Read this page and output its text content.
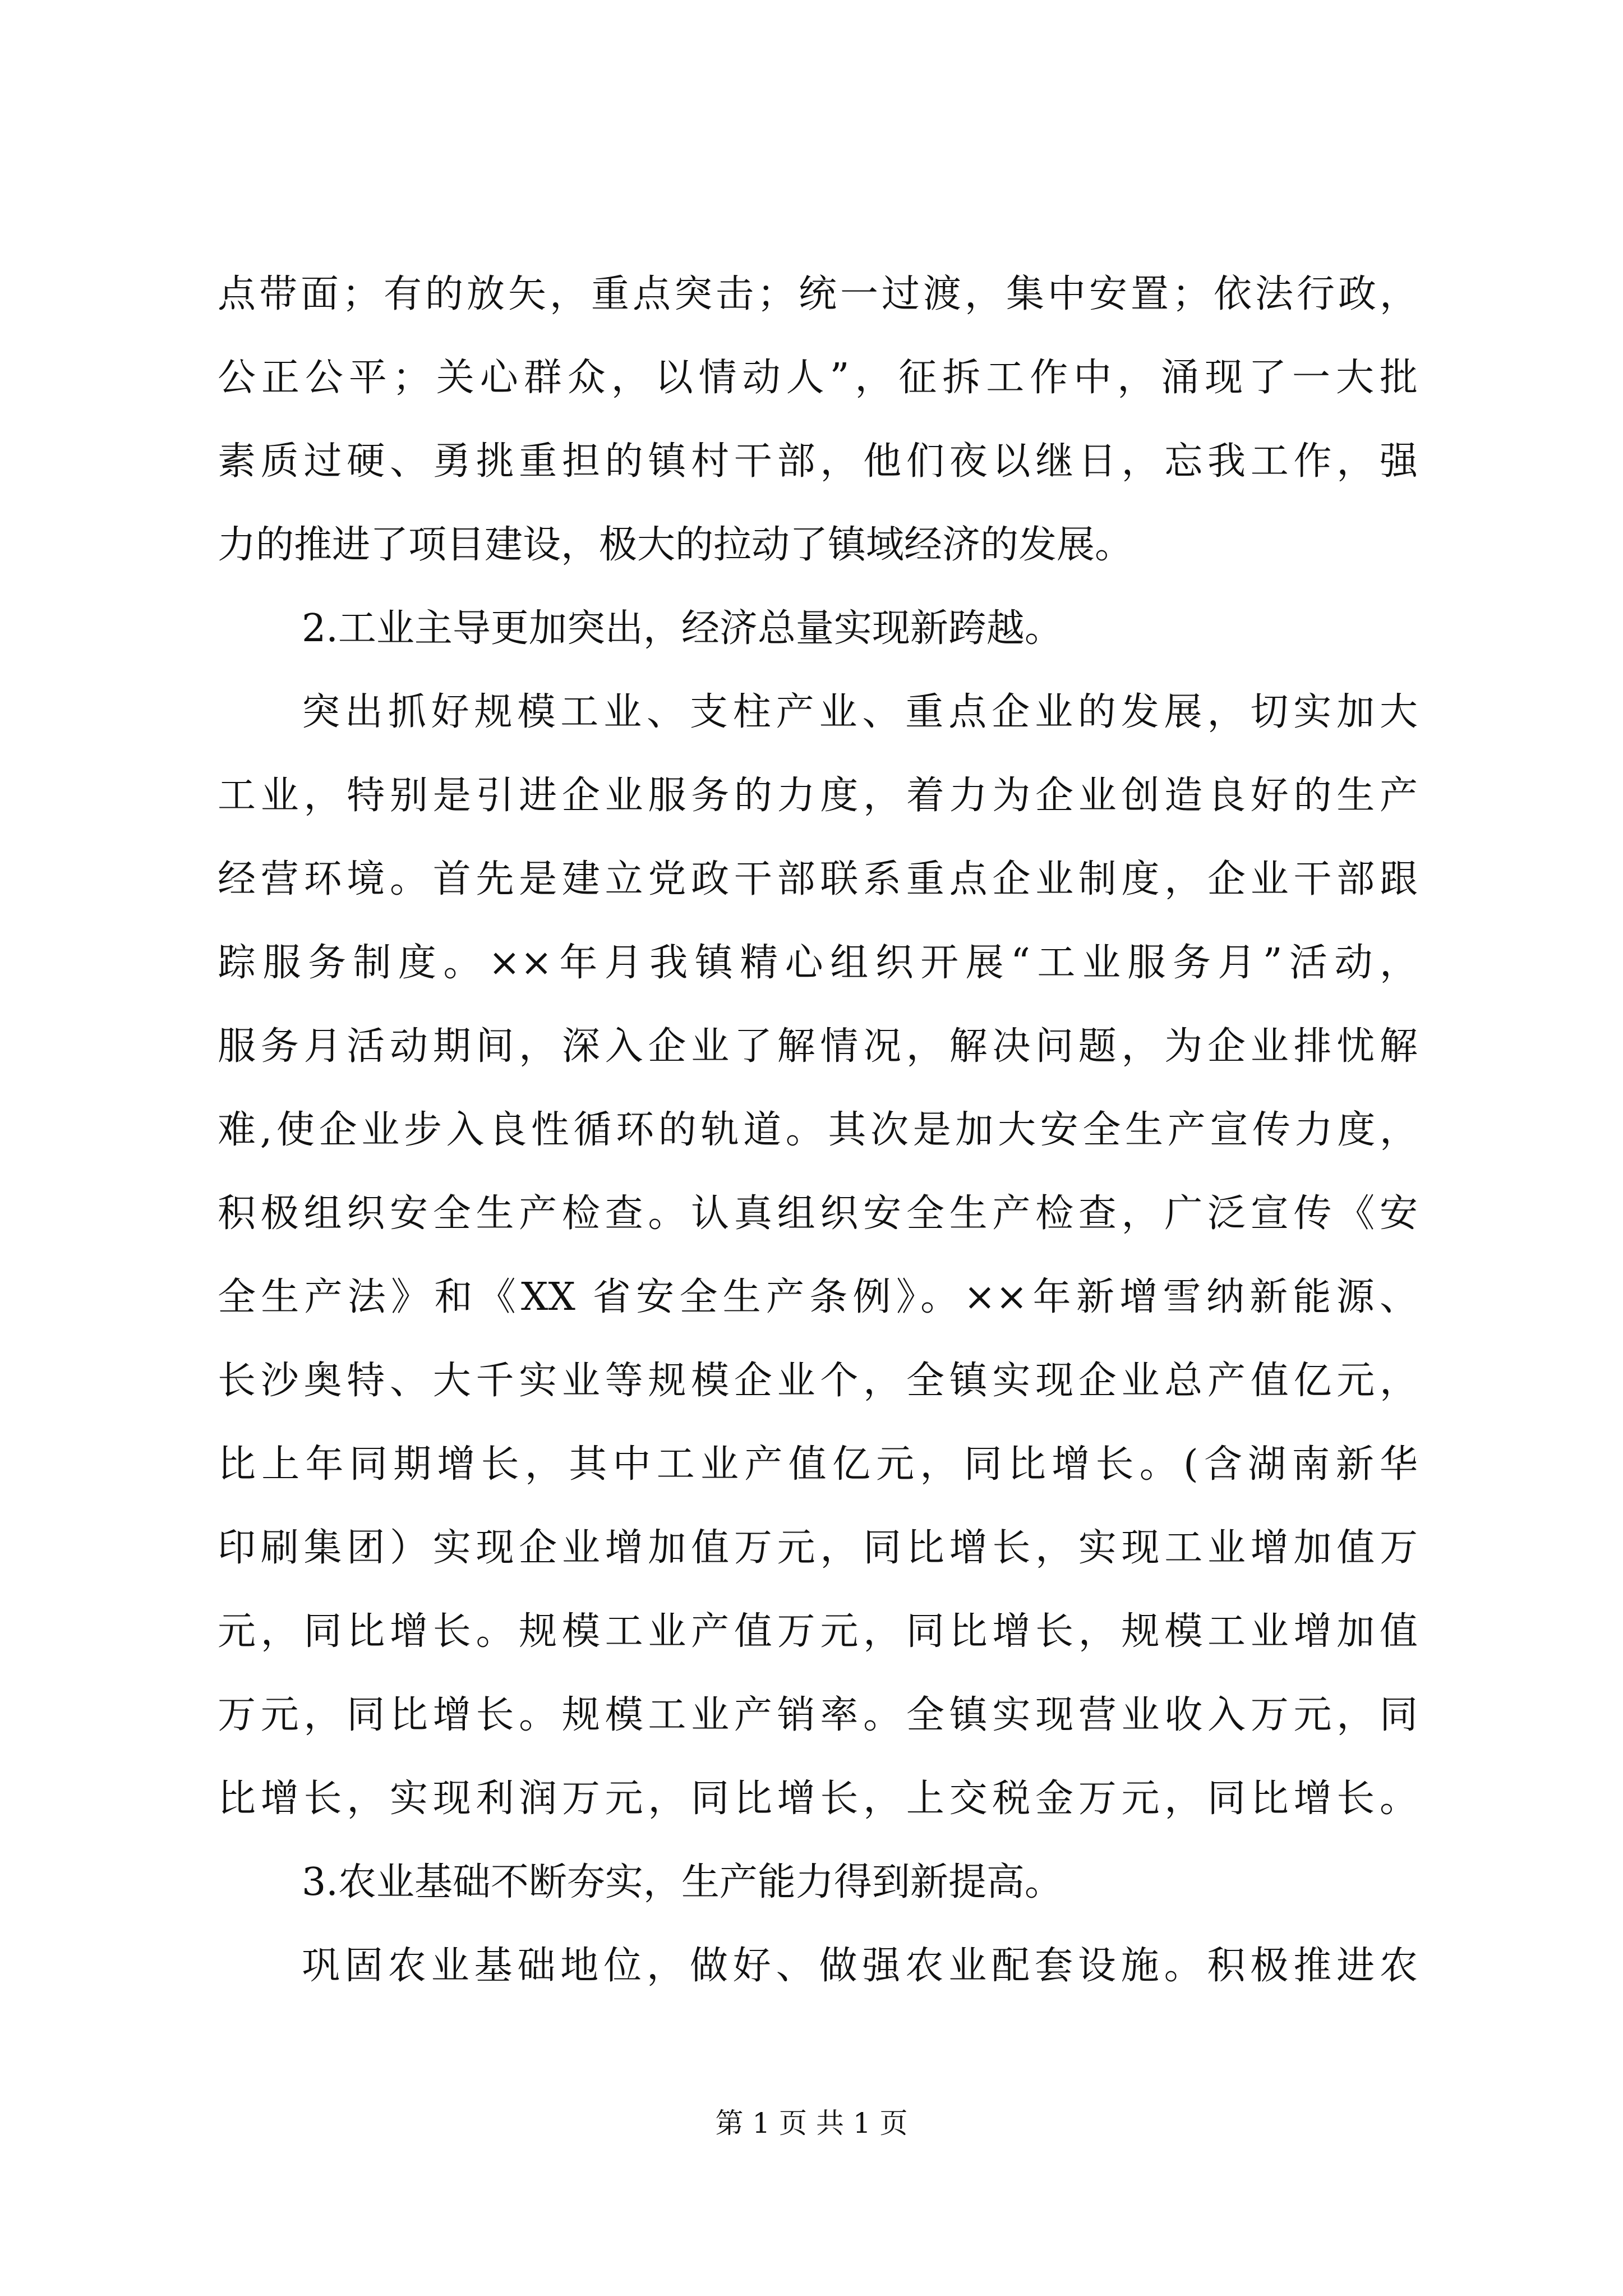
点带面；有的放矢，重点突击；统一过渡，集中安置；依法行政，
公正公平；关心群众，以情动人”，征拆工作中，涌现了一大批
素质过硬、勇挑重担的镇村干部，他们夜以继日，忘我工作，强
力的推进了项目建设，极大的拉动了镇域经济的发展。
2.工业主导更加突出，经济总量实现新跨越。
突出抓好规模工业、支柱产业、重点企业的发展，切实加大
工业，特别是引进企业服务的力度，着力为企业创造良好的生产
经营环境。首先是建立党政干部联系重点企业制度，企业干部跟
踪服务制度。××年月我镇精心组织开展“工业服务月”活动，
服务月活动期间，深入企业了解情况，解决问题，为企业排忧解
难,使企业步入良性循环的轨道。其次是加大安全生产宣传力度，
积极组织安全生产检查。认真组织安全生产检查，广泛宣传《安
全生产法》和《XX 省安全生产条例》。××年新增雪纳新能源、
长沙奥特、大千实业等规模企业个，全镇实现企业总产值亿元，
比上年同期增长，其中工业产值亿元，同比增长。(含湖南新华
印刷集团）实现企业增加值万元，同比增长，实现工业增加值万
元，同比增长。规模工业产值万元，同比增长，规模工业增加值
万元，同比增长。规模工业产销率。全镇实现营业收入万元，同
比增长，实现利润万元，同比增长，上交税金万元，同比增长。
3.农业基础不断夯实，生产能力得到新提高。
巩固农业基础地位，做好、做强农业配套设施。积极推进农
第 1 页 共 1 页
